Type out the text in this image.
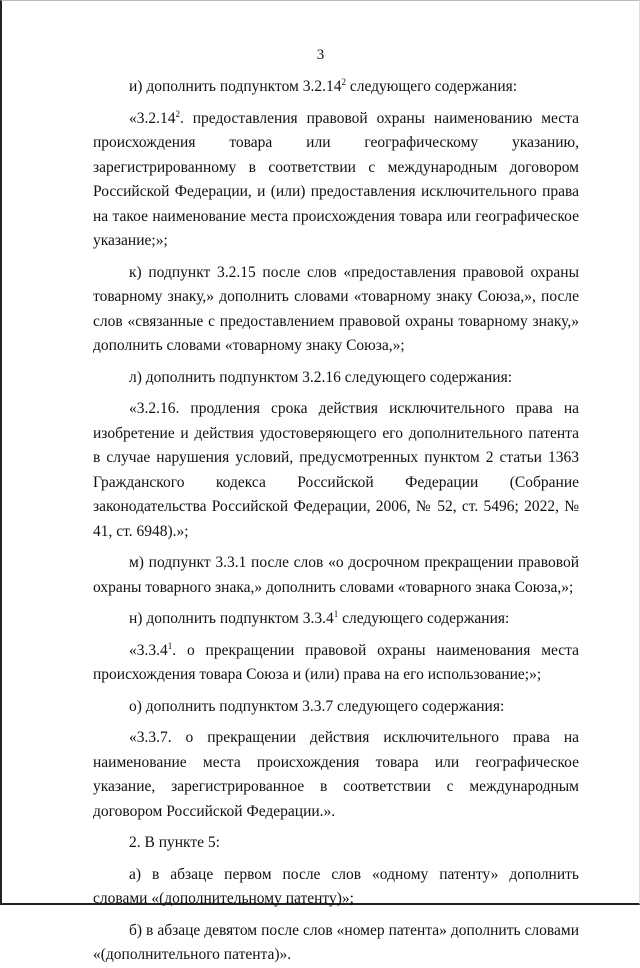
3

и) дополнить подпунктом 3.2.14$^2$ следующего содержания:

«3.2.14$^2$. предоставления правовой охраны наименованию места происхождения товара или географическому указанию, зарегистрированному в соответствии с международным договором Российской Федерации, и (или) предоставления исключительного права на такое наименование места происхождения товара или географическое указание;»;

к) подпункт 3.2.15 после слов «предоставления правовой охраны товарному знаку,» дополнить словами «товарному знаку Союза,», после слов «связанные с предоставлением правовой охраны товарному знаку,» дополнить словами «товарному знаку Союза,»;

л) дополнить подпунктом 3.2.16 следующего содержания:

«3.2.16. продления срока действия исключительного права на изобретение и действия удостоверяющего его дополнительного патента в случае нарушения условий, предусмотренных пунктом 2 статьи 1363 Гражданского кодекса Российской Федерации (Собрание законодательства Российской Федерации, 2006, № 52, ст. 5496; 2022, № 41, ст. 6948).»;

м) подпункт 3.3.1 после слов «о досрочном прекращении правовой охраны товарного знака,» дополнить словами «товарного знака Союза,»;

н) дополнить подпунктом 3.3.4$^1$ следующего содержания:

«3.3.4$^1$. о прекращении правовой охраны наименования места происхождения товара Союза и (или) права на его использование;»;

о) дополнить подпунктом 3.3.7 следующего содержания:

«3.3.7. о прекращении действия исключительного права на наименование места происхождения товара или географическое указание, зарегистрированное в соответствии с международным договором Российской Федерации.».

2. В пункте 5:

а) в абзаце первом после слов «одному патенту» дополнить словами «(дополнительному патенту)»;

б) в абзаце девятом после слов «номер патента» дополнить словами «(дополнительного патента)».
